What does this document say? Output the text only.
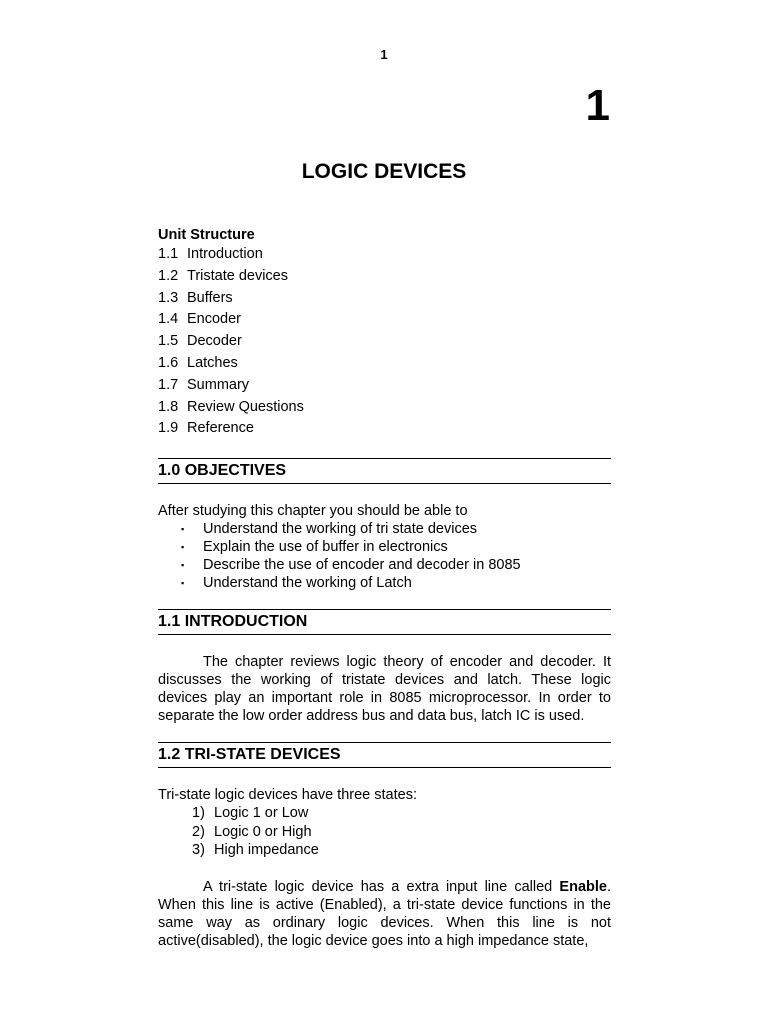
1
1
LOGIC DEVICES

Unit Structure

1.1 Introduction
1.2 Tristate devices
1.3 Buffers
1.4 Encoder
1.5 Decoder
1.6 Latches
1.7 Summary
1.8 Review Questions
1.9 Reference
1.0 OBJECTIVES

After studying this chapter you should be able to

▪ Understand the working of tri state devices
▪ Explain the use of buffer in electronics
▪ Describe the use of encoder and decoder in 8085
▪ Understand the working of Latch
1.1 INTRODUCTION

The chapter reviews logic theory of encoder and decoder. It discusses the working of tristate devices and latch. These logic devices play an important role in 8085 microprocessor. In order to separate the low order address bus and data bus, latch IC is used.

1.2 TRI-STATE DEVICES

Tri-state logic devices have three states:

1) Logic 1 or Low
2) Logic 0 or High
3) High impedance

A tri-state logic device has a extra input line called Enable. When this line is active (Enabled), a tri-state device functions in the same way as ordinary logic devices. When this line is not active(disabled), the logic device goes into a high impedance state,
